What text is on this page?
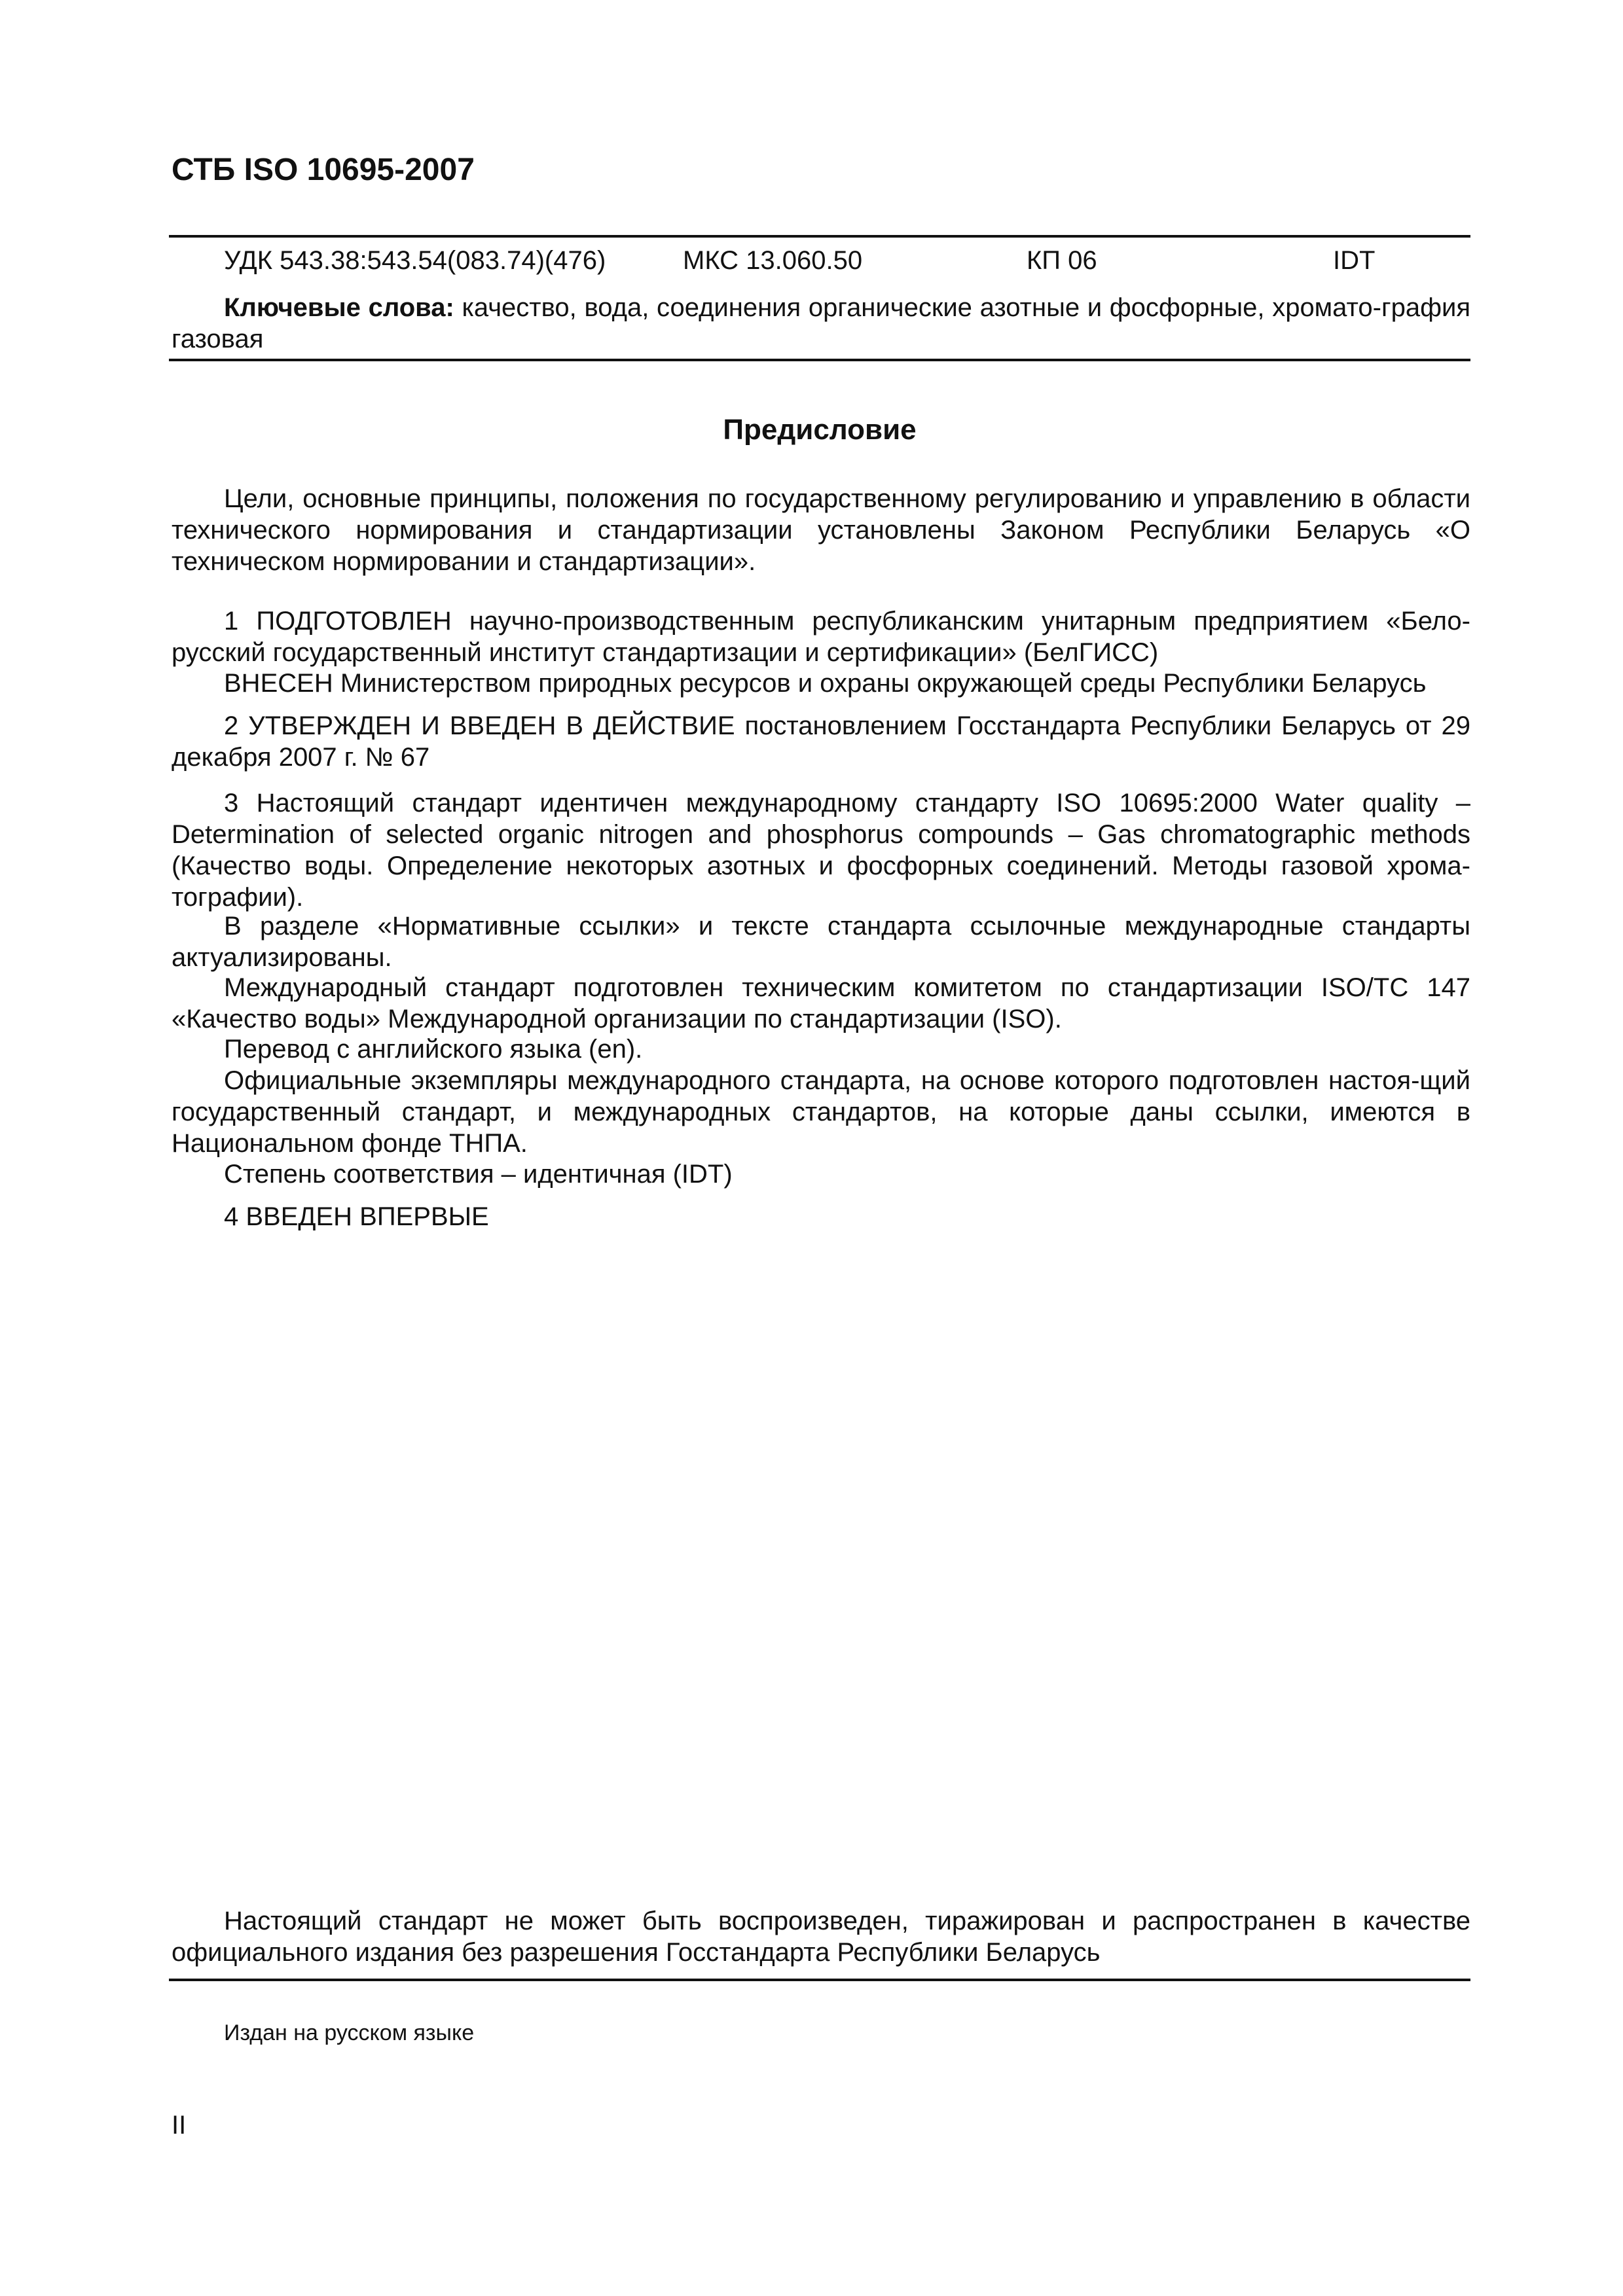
СТБ ISO 10695-2007
УДК 543.38:543.54(083.74)(476)	МКС 13.060.50	КП 06	IDT
Ключевые слова: качество, вода, соединения органические азотные и фосфорные, хромато-графия газовая
Предисловие
Цели, основные принципы, положения по государственному регулированию и управлению в области технического нормирования и стандартизации установлены Законом Республики Беларусь «О техническом нормировании и стандартизации».
1 ПОДГОТОВЛЕН научно-производственным республиканским унитарным предприятием «Бело-русский государственный институт стандартизации и сертификации» (БелГИСС)
ВНЕСЕН Министерством природных ресурсов и охраны окружающей среды Республики Беларусь
2 УТВЕРЖДЕН И ВВЕДЕН В ДЕЙСТВИЕ постановлением Госстандарта Республики Беларусь от 29 декабря 2007 г. № 67
3 Настоящий стандарт идентичен международному стандарту ISO 10695:2000 Water quality – Determination of selected organic nitrogen and phosphorus compounds – Gas chromatographic methods (Качество воды. Определение некоторых азотных и фосфорных соединений. Методы газовой хрома-тографии).
В разделе «Нормативные ссылки» и тексте стандарта ссылочные международные стандарты актуализированы.
Международный стандарт подготовлен техническим комитетом по стандартизации ISO/TC 147 «Качество воды» Международной организации по стандартизации (ISO).
Перевод с английского языка (en).
Официальные экземпляры международного стандарта, на основе которого подготовлен настоя-щий государственный стандарт, и международных стандартов, на которые даны ссылки, имеются в Национальном фонде ТНПА.
Степень соответствия – идентичная (IDT)
4 ВВЕДЕН ВПЕРВЫЕ
Настоящий стандарт не может быть воспроизведен, тиражирован и распространен в качестве официального издания без разрешения Госстандарта Республики Беларусь
Издан на русском языке
II
